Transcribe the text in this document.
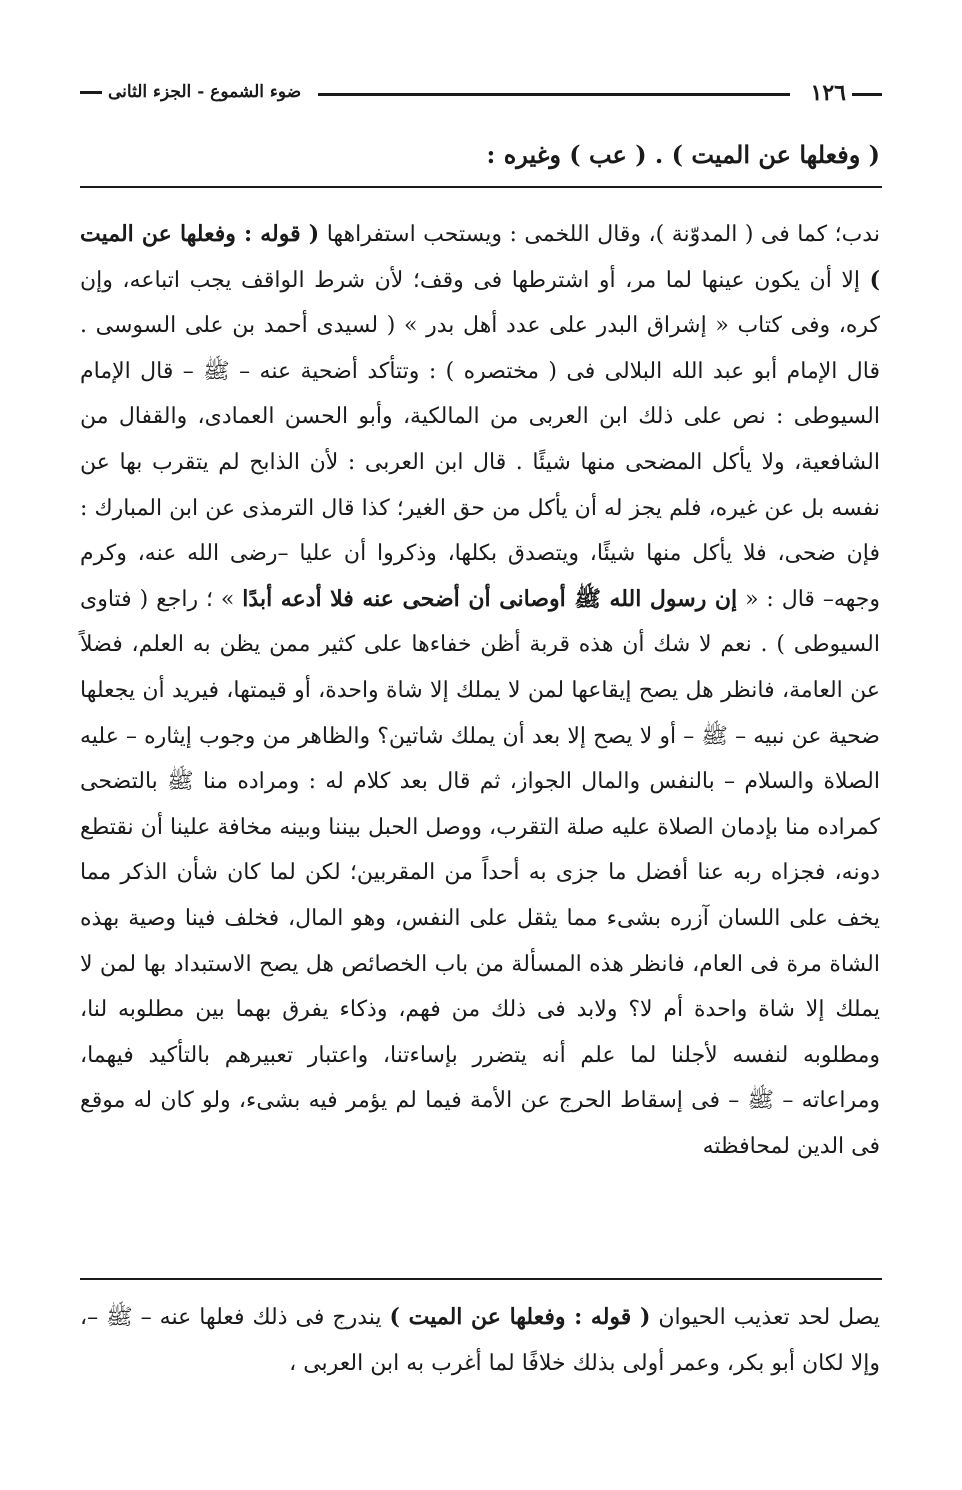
١٢٦
ضوء الشموع - الجزء الثانى
( وفعلها عن الميت ) . ( عب ) وغيره :
ندب؛ كما فى ( المدوّنة )، وقال اللخمى : ويستحب استفراهها ( قوله : وفعلها عن الميت ) إلا أن يكون عينها لما مر، أو اشترطها فى وقف؛ لأن شرط الواقف يجب اتباعه، وإن كره، وفى كتاب « إشراق البدر على عدد أهل بدر » ( لسيدى أحمد بن على السوسى . قال الإمام أبو عبد الله البلالى فى ( مختصره ) : وتتأكد أضحية عنه – ﷺ – قال الإمام السيوطى : نص على ذلك ابن العربى من المالكية، وأبو الحسن العمادى، والقفال من الشافعية، ولا يأكل المضحى منها شيئًا . قال ابن العربى : لأن الذابح لم يتقرب بها عن نفسه بل عن غيره، فلم يجز له أن يأكل من حق الغير؛ كذا قال الترمذى عن ابن المبارك : فإن ضحى، فلا يأكل منها شيئًا، ويتصدق بكلها، وذكروا أن عليا –رضى الله عنه، وكرم وجهه– قال : « إن رسول الله ﷺ أوصانى أن أضحى عنه فلا أدعه أبدًا » ؛ راجع ( فتاوى السيوطى ) . نعم لا شك أن هذه قربة أظن خفاءها على كثير ممن يظن به العلم، فضلاً عن العامة، فانظر هل يصح إيقاعها لمن لا يملك إلا شاة واحدة، أو قيمتها، فيريد أن يجعلها ضحية عن نبيه – ﷺ – أو لا يصح إلا بعد أن يملك شاتين؟ والظاهر من وجوب إيثاره – عليه الصلاة والسلام – بالنفس والمال الجواز، ثم قال بعد كلام له : ومراده منا ﷺ بالتضحى كمراده منا بإدمان الصلاة عليه صلة التقرب، ووصل الحبل بيننا وبينه مخافة علينا أن نقتطع دونه، فجزاه ربه عنا أفضل ما جزى به أحداً من المقربين؛ لكن لما كان شأن الذكر مما يخف على اللسان آزره بشىء مما يثقل على النفس، وهو المال، فخلف فينا وصية بهذه الشاة مرة فى العام، فانظر هذه المسألة من باب الخصائص هل يصح الاستبداد بها لمن لا يملك إلا شاة واحدة أم لا؟ ولابد فى ذلك من فهم، وذكاء يفرق بهما بين مطلوبه لنا، ومطلوبه لنفسه لأجلنا لما علم أنه يتضرر بإساءتنا، واعتبار تعبيرهم بالتأكيد فيهما، ومراعاته – ﷺ – فى إسقاط الحرج عن الأمة فيما لم يؤمر فيه بشىء، ولو كان له موقع فى الدين لمحافظته
يصل لحد تعذيب الحيوان ( قوله : وفعلها عن الميت ) يندرج فى ذلك فعلها عنه – ﷺ –، وإلا لكان أبو بكر، وعمر أولى بذلك خلافًا لما أغرب به ابن العربى ،
